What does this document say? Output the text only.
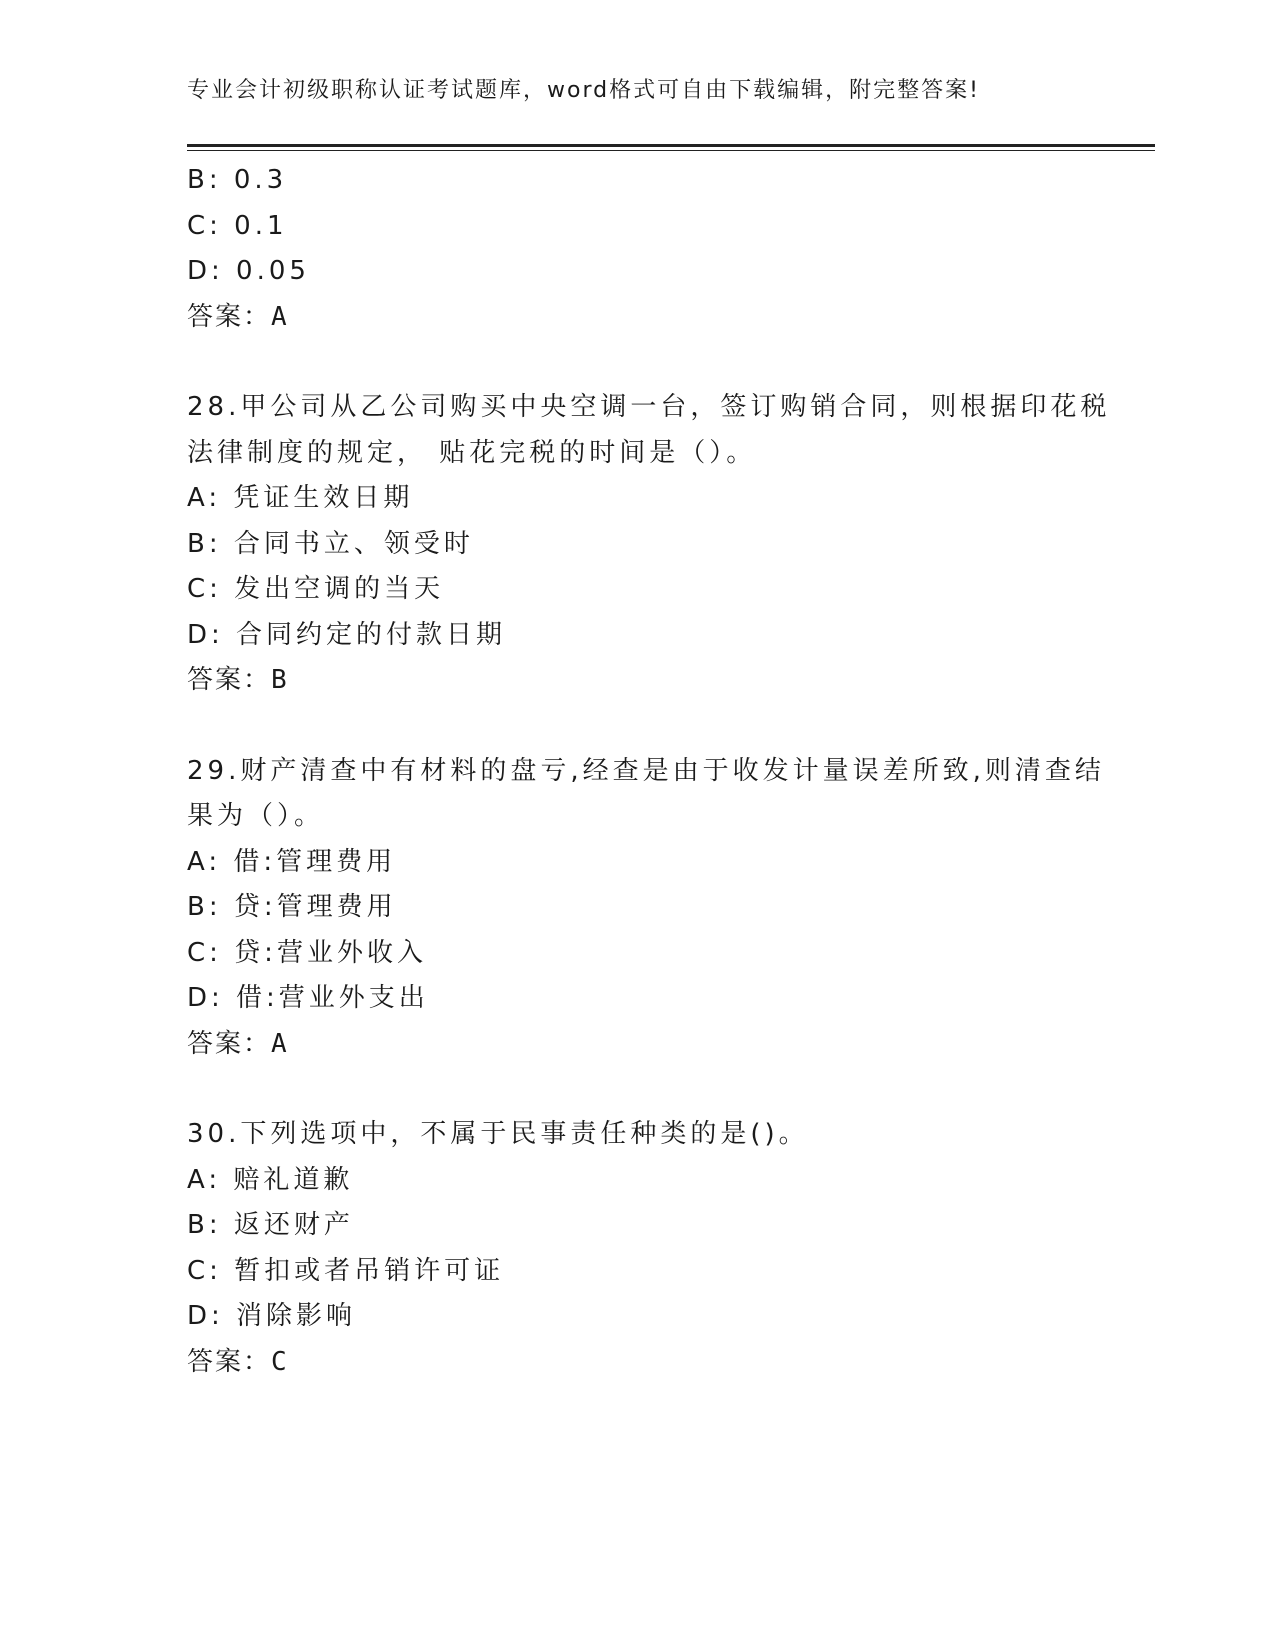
专业会计初级职称认证考试题库，word格式可自由下载编辑，附完整答案!
B: 0.3
C: 0.1
D: 0.05
答案：A
28.甲公司从乙公司购买中央空调一台，签订购销合同，则根据印花税
法律制度的规定， 贴花完税的时间是（）。
A: 凭证生效日期
B: 合同书立、领受时
C: 发出空调的当天
D: 合同约定的付款日期
答案：B
29.财产清查中有材料的盘亏,经查是由于收发计量误差所致,则清查结
果为（）。
A: 借:管理费用
B: 贷:管理费用
C: 贷:营业外收入
D: 借:营业外支出
答案：A
30.下列选项中，不属于民事责任种类的是()。
A: 赔礼道歉
B: 返还财产
C: 暂扣或者吊销许可证
D: 消除影响
答案：C
